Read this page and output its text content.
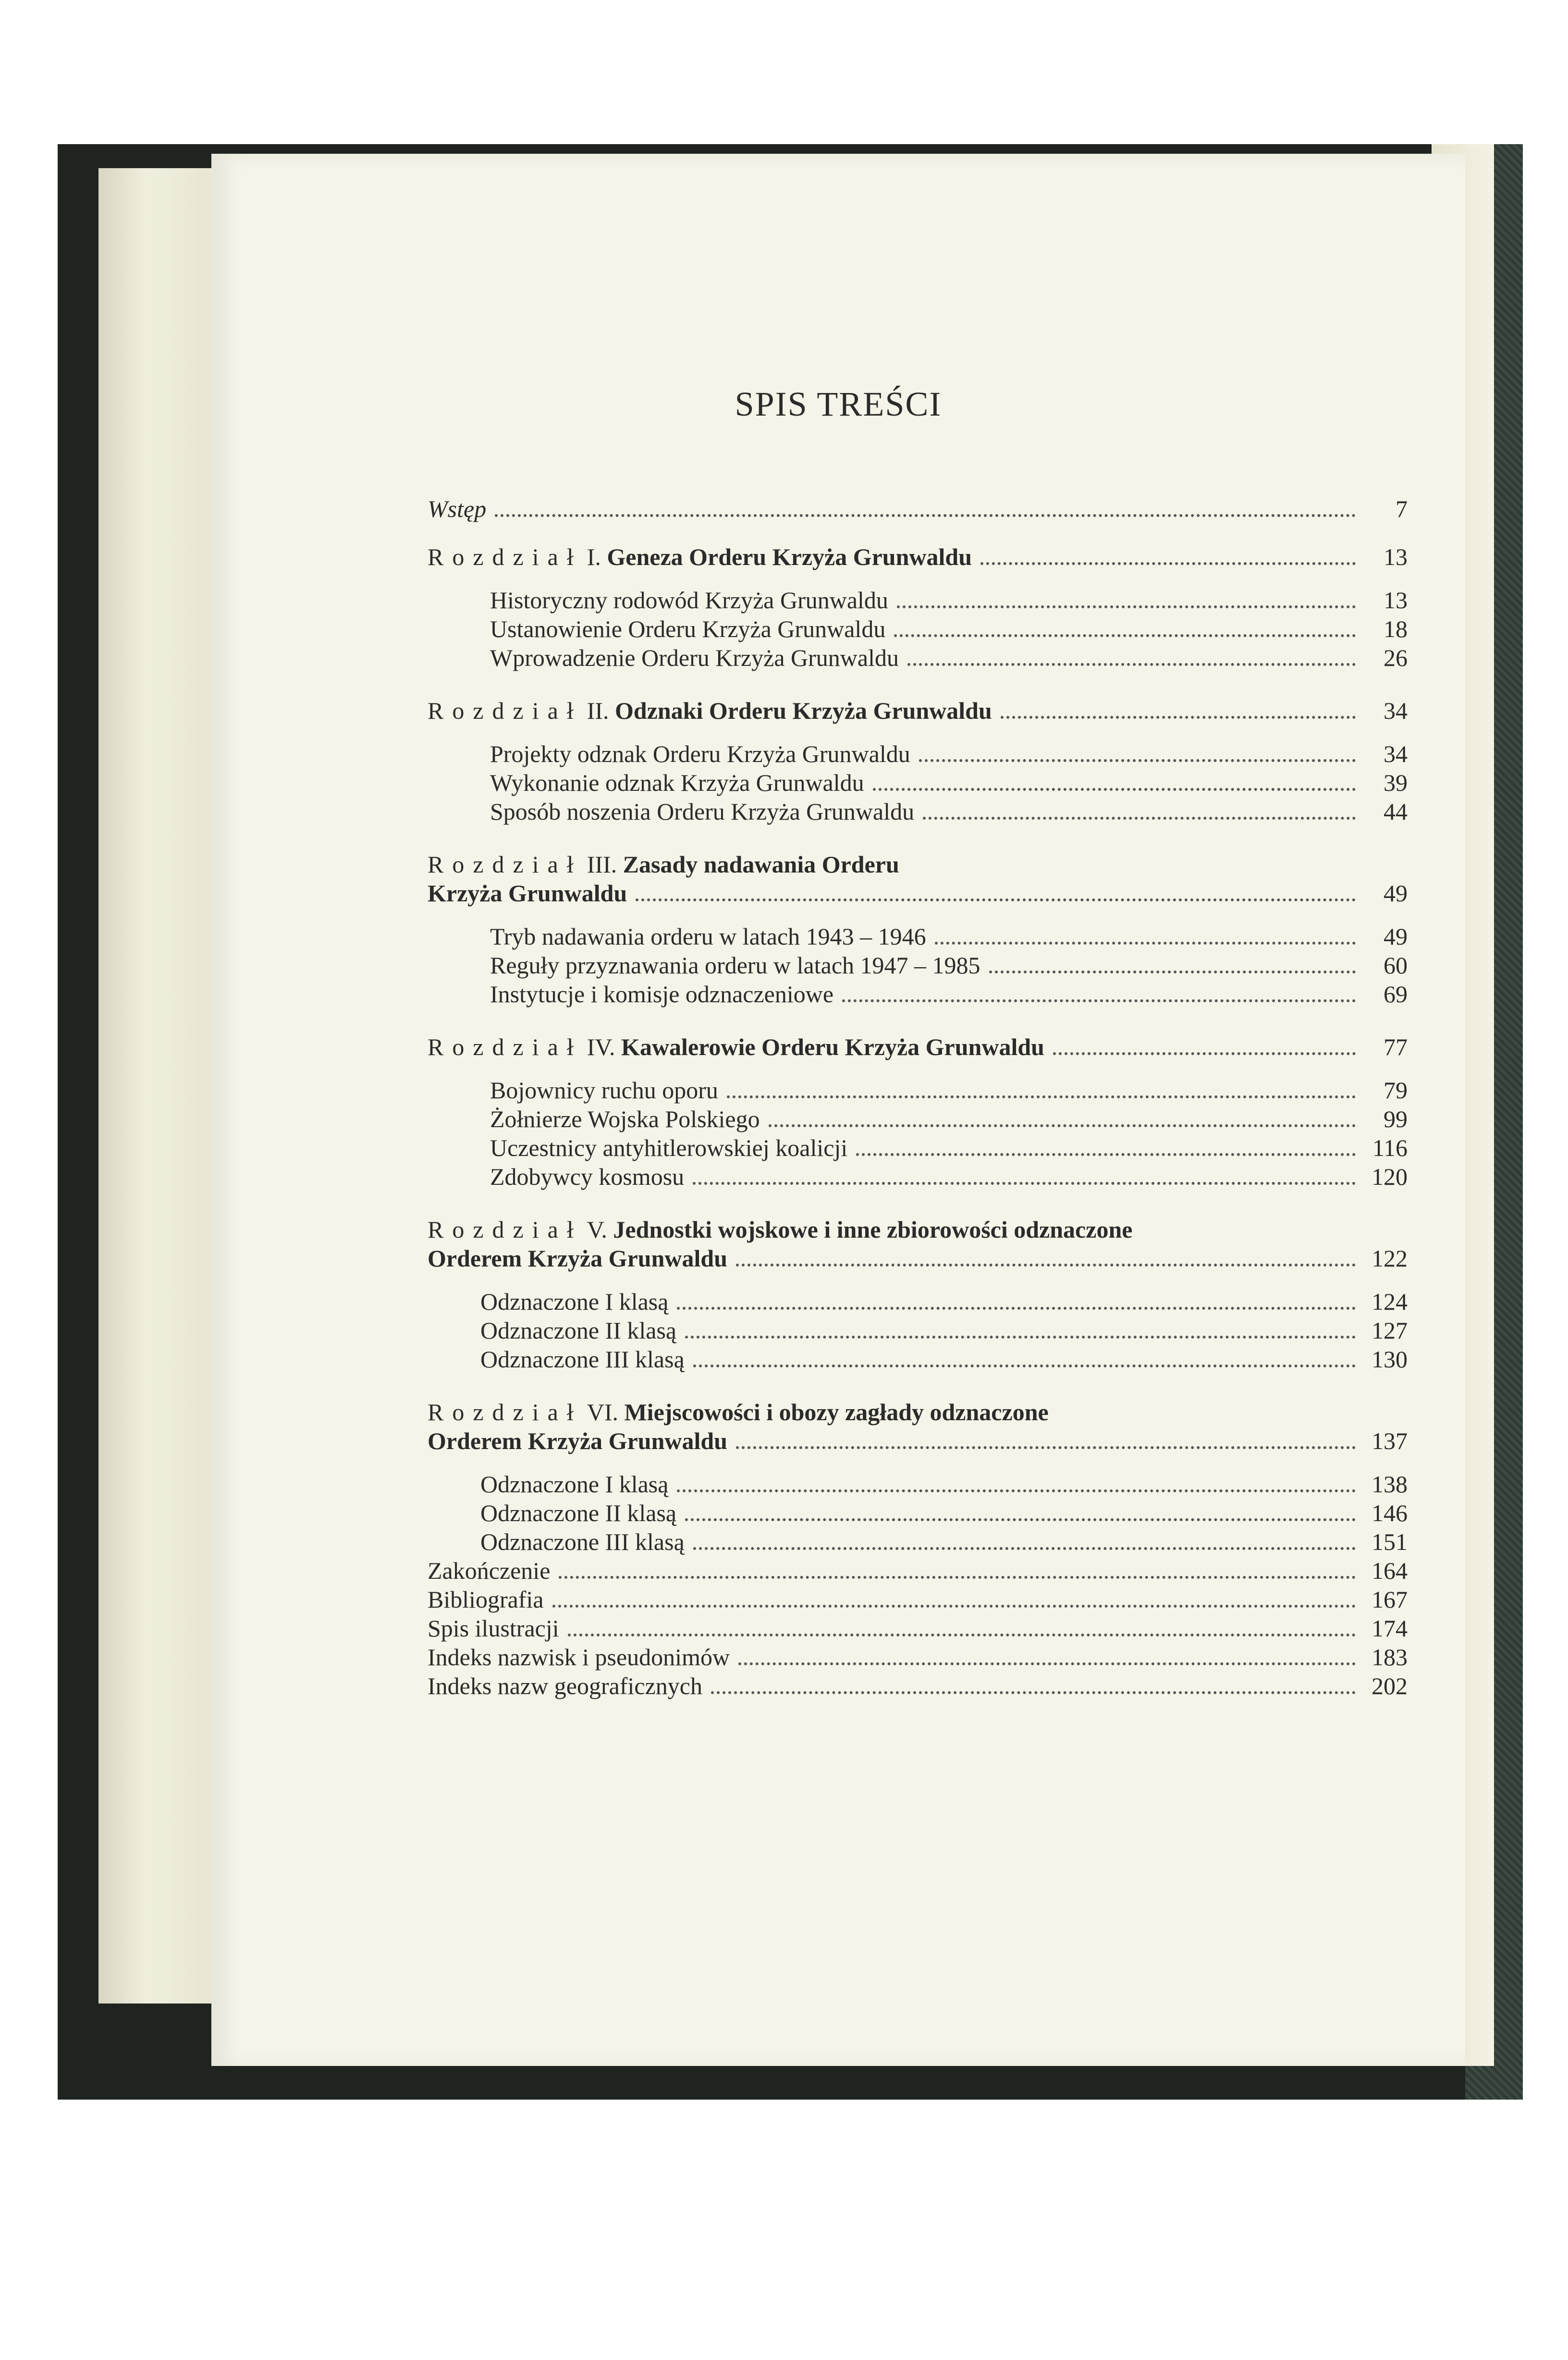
SPIS TREŚCI
Wstęp	7
Rozdział I. Geneza Orderu Krzyża Grunwaldu	13
Historyczny rodowód Krzyża Grunwaldu	13
Ustanowienie Orderu Krzyża Grunwaldu	18
Wprowadzenie Orderu Krzyża Grunwaldu	26
Rozdział II. Odznaki Orderu Krzyża Grunwaldu	34
Projekty odznak Orderu Krzyża Grunwaldu	34
Wykonanie odznak Krzyża Grunwaldu	39
Sposób noszenia Orderu Krzyża Grunwaldu	44
Rozdział III. Zasady nadawania Orderu
Krzyża Grunwaldu	49
Tryb nadawania orderu w latach 1943 – 1946	49
Reguły przyznawania orderu w latach 1947 – 1985	60
Instytucje i komisje odznaczeniowe	69
Rozdział IV. Kawalerowie Orderu Krzyża Grunwaldu	77
Bojownicy ruchu oporu	79
Żołnierze Wojska Polskiego	99
Uczestnicy antyhitlerowskiej koalicji	116
Zdobywcy kosmosu	120
Rozdział V. Jednostki wojskowe i inne zbiorowości odznaczone
Orderem Krzyża Grunwaldu	122
Odznaczone I klasą	124
Odznaczone II klasą	127
Odznaczone III klasą	130
Rozdział VI. Miejscowości i obozy zagłady odznaczone
Orderem Krzyża Grunwaldu	137
Odznaczone I klasą	138
Odznaczone II klasą	146
Odznaczone III klasą	151
Zakończenie	164
Bibliografia	167
Spis ilustracji	174
Indeks nazwisk i pseudonimów	183
Indeks nazw geograficznych	202
